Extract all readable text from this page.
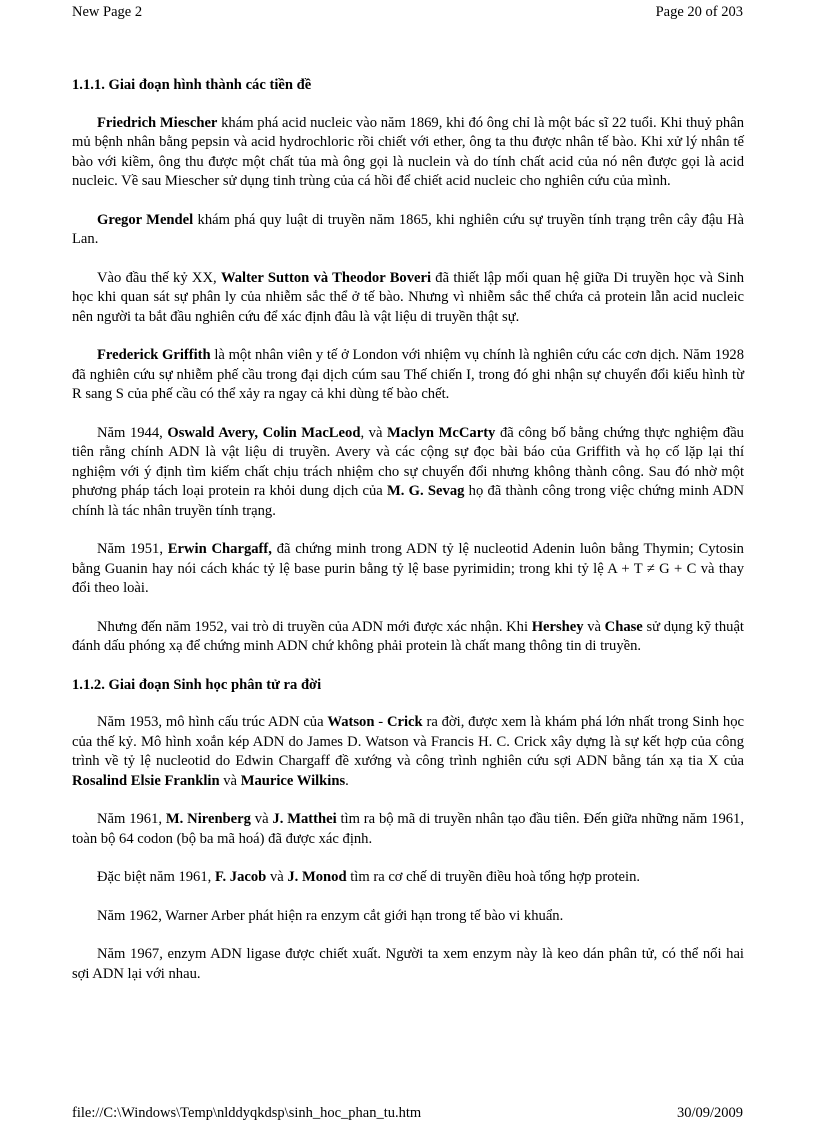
New Page 2	Page 20 of 203
1.1.1. Giai đoạn hình thành các tiền đề

Friedrich Miescher khám phá acid nucleic vào năm 1869, khi đó ông chỉ là một bác sĩ 22 tuổi. Khi thuỷ phân mủ bệnh nhân bằng pepsin và acid hydrochloric rồi chiết với ether, ông ta thu được nhân tế bào. Khi xử lý nhân tế bào với kiềm, ông thu được một chất tủa mà ông gọi là nuclein và do tính chất acid của nó nên được gọi là acid nucleic. Về sau Miescher sử dụng tinh trùng của cá hồi để chiết acid nucleic cho nghiên cứu của mình.

Gregor Mendel khám phá quy luật di truyền năm 1865, khi nghiên cứu sự truyền tính trạng trên cây đậu Hà Lan.

Vào đầu thế kỷ XX, Walter Sutton và Theodor Boveri đã thiết lập mối quan hệ giữa Di truyền học và Sinh học khi quan sát sự phân ly của nhiễm sắc thể ở tế bào. Nhưng vì nhiễm sắc thể chứa cả protein lẫn acid nucleic nên người ta bắt đầu nghiên cứu để xác định đâu là vật liệu di truyền thật sự.

Frederick Griffith là một nhân viên y tế ở London với nhiệm vụ chính là nghiên cứu các cơn dịch. Năm 1928 đã nghiên cứu sự nhiễm phế cầu trong đại dịch cúm sau Thế chiến I, trong đó ghi nhận sự chuyển đổi kiểu hình từ R sang S của phế cầu có thể xảy ra ngay cả khi dùng tế bào chết.

Năm 1944, Oswald Avery, Colin MacLeod, và Maclyn McCarty đã công bố bằng chứng thực nghiệm đầu tiên rằng chính ADN là vật liệu di truyền. Avery và các cộng sự đọc bài báo của Griffith và họ cố lặp lại thí nghiệm với ý định tìm kiếm chất chịu trách nhiệm cho sự chuyển đổi nhưng không thành công. Sau đó nhờ một phương pháp tách loại protein ra khỏi dung dịch của M. G. Sevag họ đã thành công trong việc chứng minh ADN chính là tác nhân truyền tính trạng.

Năm 1951, Erwin Chargaff, đã chứng minh trong ADN tỷ lệ nucleotid Adenin luôn bằng Thymin; Cytosin bằng Guanin hay nói cách khác tỷ lệ base purin bằng tỷ lệ base pyrimidin; trong khi tỷ lệ A + T ≠ G + C và thay đổi theo loài.

Nhưng đến năm 1952, vai trò di truyền của ADN mới được xác nhận. Khi Hershey và Chase sử dụng kỹ thuật đánh dấu phóng xạ để chứng minh ADN chứ không phải protein là chất mang thông tin di truyền.

1.1.2. Giai đoạn Sinh học phân tử ra đời

Năm 1953, mô hình cấu trúc ADN của Watson - Crick ra đời, được xem là khám phá lớn nhất trong Sinh học của thế kỷ. Mô hình xoắn kép ADN do James D. Watson và Francis H. C. Crick xây dựng là sự kết hợp của công trình về tỷ lệ nucleotid do Edwin Chargaff đề xướng và công trình nghiên cứu sợi ADN bằng tán xạ tia X của Rosalind Elsie Franklin và Maurice Wilkins.

Năm 1961, M. Nirenberg và J. Matthei tìm ra bộ mã di truyền nhân tạo đầu tiên. Đến giữa những năm 1961, toàn bộ 64 codon (bộ ba mã hoá) đã được xác định.

Đặc biệt năm 1961, F. Jacob và J. Monod tìm ra cơ chế di truyền điều hoà tổng hợp protein.

Năm 1962, Warner Arber phát hiện ra enzym cắt giới hạn trong tế bào vi khuẩn.

Năm 1967, enzym ADN ligase được chiết xuất. Người ta xem enzym này là keo dán phân tử, có thể nối hai sợi ADN lại với nhau.

file://C:\Windows\Temp\nlddyqkdsp\sinh_hoc_phan_tu.htm	30/09/2009
